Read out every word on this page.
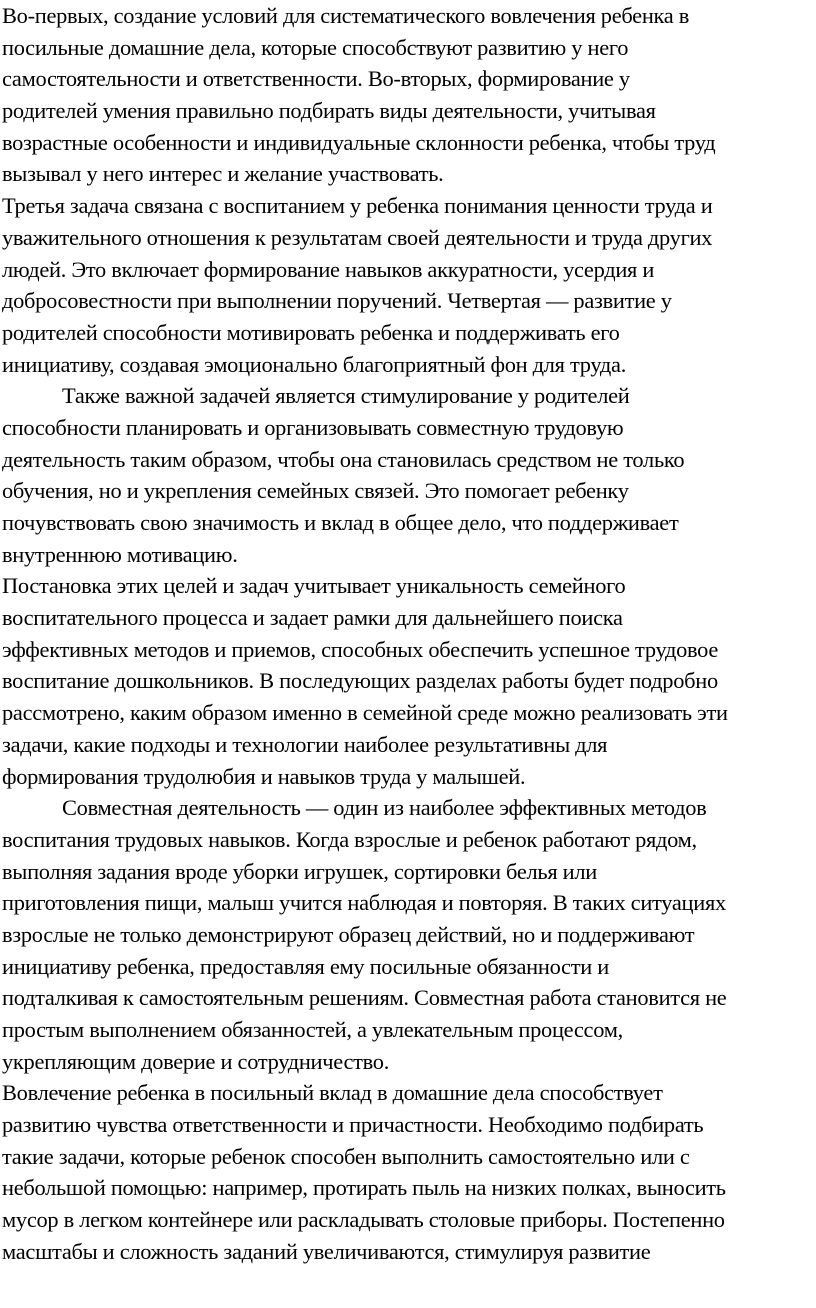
Во-первых, создание условий для систематического вовлечения ребенка в
посильные домашние дела, которые способствуют развитию у него
самостоятельности и ответственности. Во-вторых, формирование у
родителей умения правильно подбирать виды деятельности, учитывая
возрастные особенности и индивидуальные склонности ребенка, чтобы труд
вызывал у него интерес и желание участвовать.

Третья задача связана с воспитанием у ребенка понимания ценности труда и
уважительного отношения к результатам своей деятельности и труда других
людей. Это включает формирование навыков аккуратности, усердия и
добросовестности при выполнении поручений. Четвертая — развитие у
родителей способности мотивировать ребенка и поддерживать его
инициативу, создавая эмоционально благоприятный фон для труда.

Также важной задачей является стимулирование у родителей
способности планировать и организовывать совместную трудовую
деятельность таким образом, чтобы она становилась средством не только
обучения, но и укрепления семейных связей. Это помогает ребенку
почувствовать свою значимость и вклад в общее дело, что поддерживает
внутреннюю мотивацию.

Постановка этих целей и задач учитывает уникальность семейного
воспитательного процесса и задает рамки для дальнейшего поиска
эффективных методов и приемов, способных обеспечить успешное трудовое
воспитание дошкольников. В последующих разделах работы будет подробно
рассмотрено, каким образом именно в семейной среде можно реализовать эти
задачи, какие подходы и технологии наиболее результативны для
формирования трудолюбия и навыков труда у малышей.

Совместная деятельность — один из наиболее эффективных методов
воспитания трудовых навыков. Когда взрослые и ребенок работают рядом,
выполняя задания вроде уборки игрушек, сортировки белья или
приготовления пищи, малыш учится наблюдая и повторяя. В таких ситуациях
взрослые не только демонстрируют образец действий, но и поддерживают
инициативу ребенка, предоставляя ему посильные обязанности и
подталкивая к самостоятельным решениям. Совместная работа становится не
простым выполнением обязанностей, а увлекательным процессом,
укрепляющим доверие и сотрудничество.

Вовлечение ребенка в посильный вклад в домашние дела способствует
развитию чувства ответственности и причастности. Необходимо подбирать
такие задачи, которые ребенок способен выполнить самостоятельно или с
небольшой помощью: например, протирать пыль на низких полках, выносить
мусор в легком контейнере или раскладывать столовые приборы. Постепенно
масштабы и сложность заданий увеличиваются, стимулируя развитие
